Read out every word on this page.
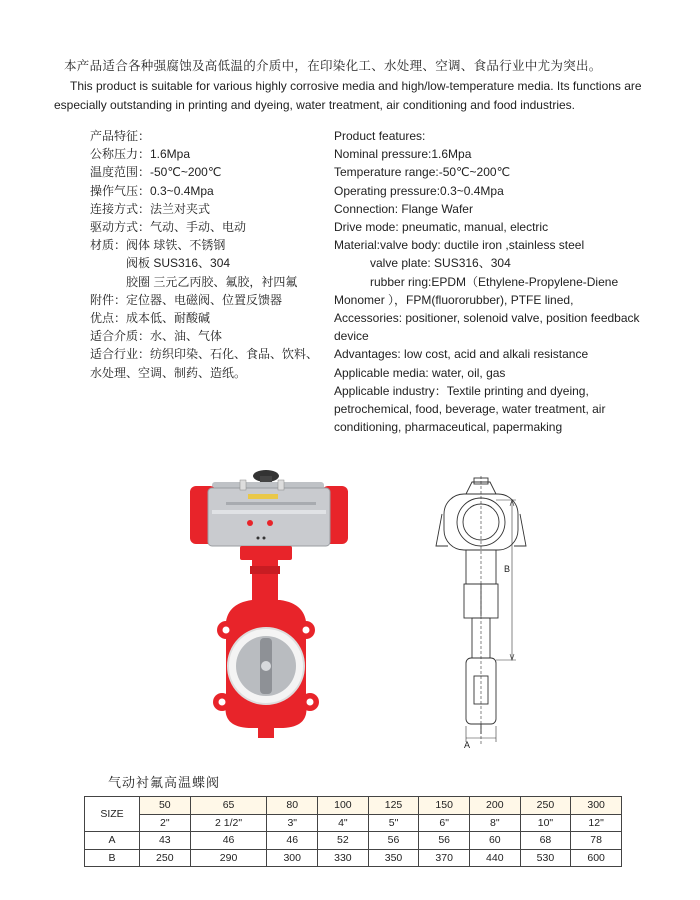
本产品适合各种强腐蚀及高低温的介质中，在印染化工、水处理、空调、食品行业中尤为突出。
This product is suitable for various highly corrosive media and high/low-temperature media. Its functions are especially outstanding in printing and dyeing, water treatment, air conditioning and food industries.
产品特征：
公称压力：1.6Mpa
温度范围：-50℃~200℃
操作气压：0.3~0.4Mpa
连接方式：法兰对夹式
驱动方式：气动、手动、电动
材质：阀体 球铁、不锈钢
阀板 SUS316、304
胶圈 三元乙丙胶、氟胶，衬四氟
附件：定位器、电磁阀、位置反馈器
优点：成本低、耐酸碱
适合介质：水、油、气体
适合行业：纺织印染、石化、食品、饮料、
水处理、空调、制药、造纸。
Product features:
Nominal pressure:1.6Mpa
Temperature range:-50℃~200℃
Operating pressure:0.3~0.4Mpa
Connection: Flange Wafer
Drive mode: pneumatic, manual, electric
Material:valve body: ductile iron ,stainless steel
valve plate: SUS316、304
rubber ring:EPDM（Ethylene-Propylene-Diene
Monomer ），FPM(fluororubber), PTFE lined,
Accessories: positioner, solenoid valve, position feedback
device
Advantages: low cost, acid and alkali resistance
Applicable media: water, oil, gas
Applicable industry：Textile printing and dyeing,
petrochemical, food, beverage, water treatment, air
conditioning, pharmaceutical, papermaking
B
A
气动衬氟高温蝶阀
SIZE	50	65	80	100	125	150	200	250	300
	2"	2 1/2"	3"	4"	5"	6"	8"	10"	12"
A	43	46	46	52	56	56	60	68	78
B	250	290	300	330	350	370	440	530	600
